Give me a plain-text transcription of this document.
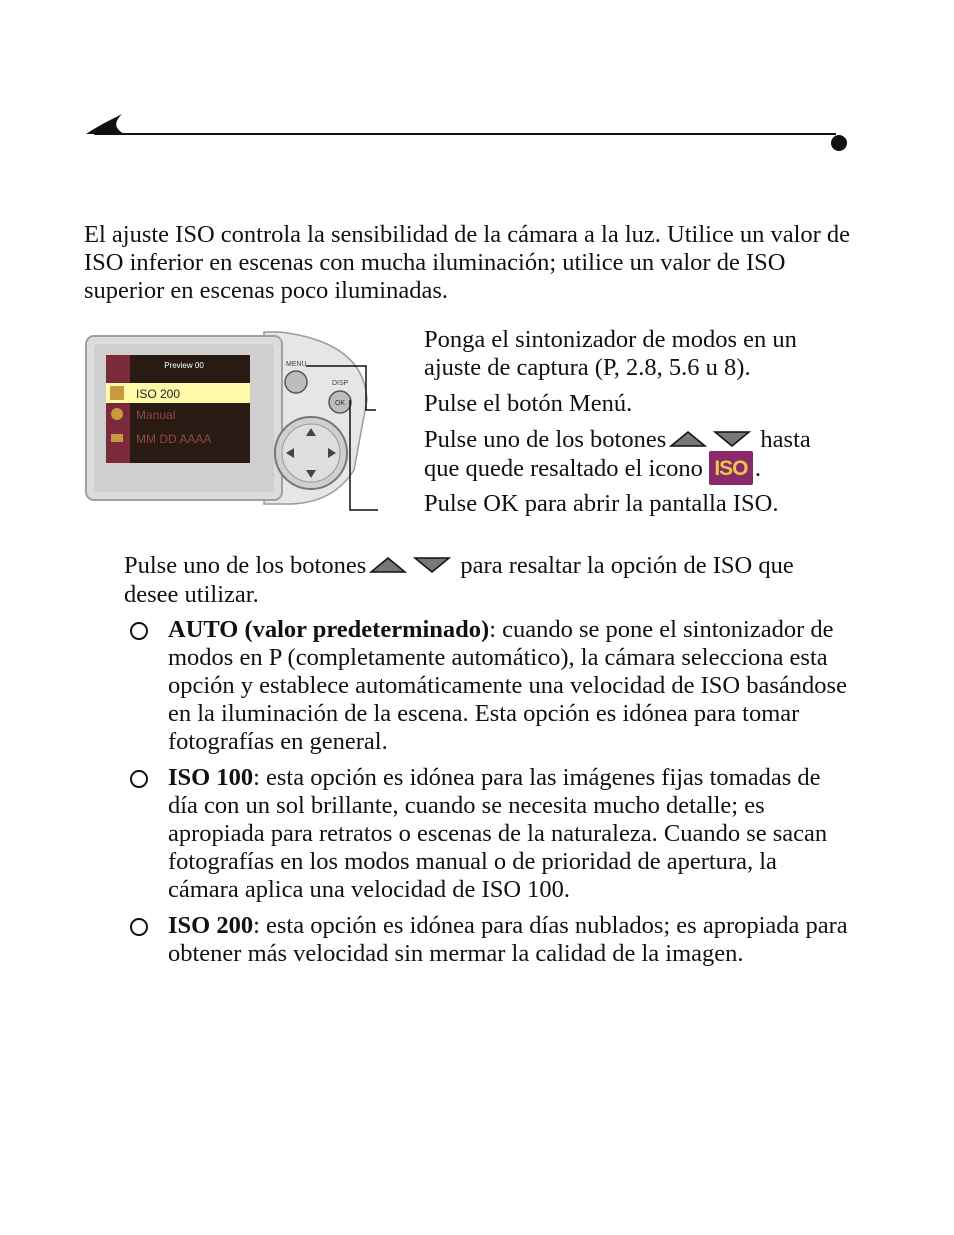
El ajuste ISO controla la sensibilidad de la cámara a la luz. Utilice un valor de ISO inferior en escenas con mucha iluminación; utilice un valor de ISO superior en escenas poco iluminadas.

Preview 00
ISO 200
Manual
MM DD AAAA
MENU
DISP
OK

Ponga el sintonizador de modos en un ajuste de captura (P, 2.8, 5.6 u 8).

Pulse el botón Menú.

Pulse uno de los botones	hasta que quede resaltado el icono ISO .

Pulse OK para abrir la pantalla ISO.

Pulse uno de los botones	para resaltar la opción de ISO que desee utilizar.

AUTO (valor predeterminado): cuando se pone el sintonizador de modos en P (completamente automático), la cámara selecciona esta opción y establece automáticamente una velocidad de ISO basándose en la iluminación de la escena. Esta opción es idónea para tomar fotografías en general.

ISO 100: esta opción es idónea para las imágenes fijas tomadas de día con un sol brillante, cuando se necesita mucho detalle; es apropiada para retratos o escenas de la naturaleza. Cuando se sacan fotografías en los modos manual o de prioridad de apertura, la cámara aplica una velocidad de ISO 100.

ISO 200: esta opción es idónea para días nublados; es apropiada para obtener más velocidad sin mermar la calidad de la imagen.
